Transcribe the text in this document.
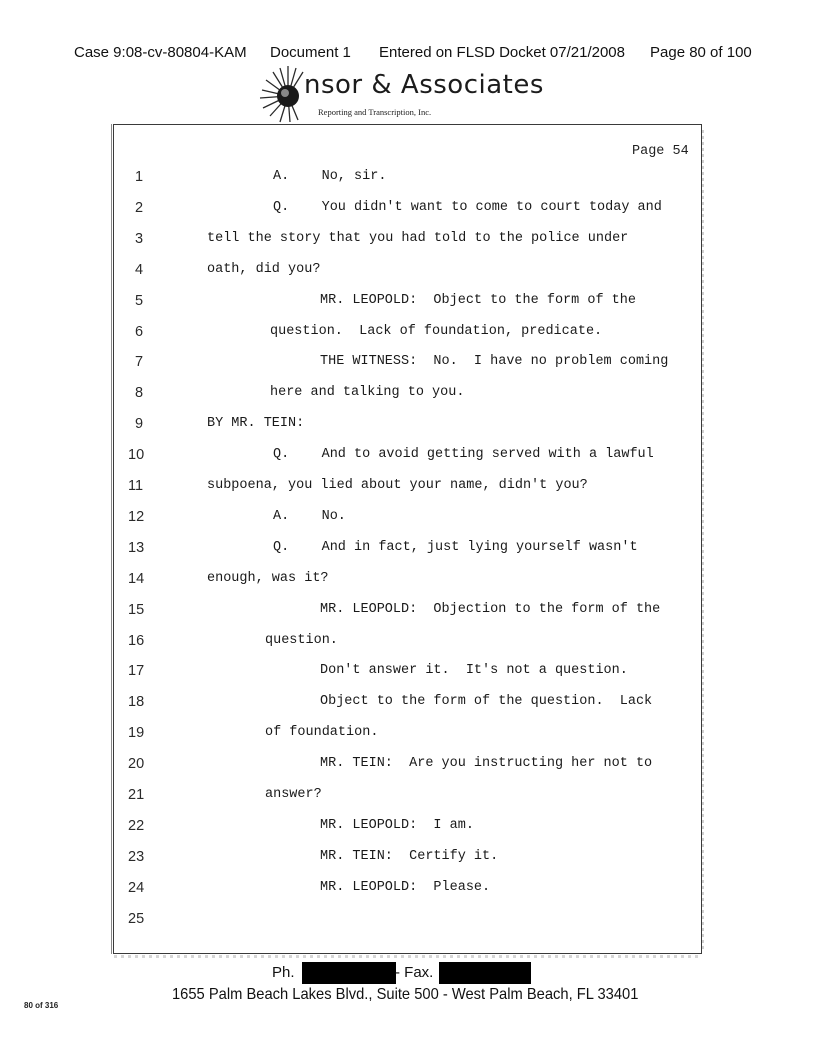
Case 9:08-cv-80804-KAM Document 1 Entered on FLSD Docket 07/21/2008 Page 80 of 100
nsor & Associates
Reporting and Transcription, Inc.
Page 54
1	A.    No, sir.
2	Q.    You didn't want to come to court today and
3	tell the story that you had told to the police under
4	oath, did you?
5	MR. LEOPOLD:  Object to the form of the
6	question.  Lack of foundation, predicate.
7	THE WITNESS:  No.  I have no problem coming
8	here and talking to you.
9	BY MR. TEIN:
10	Q.    And to avoid getting served with a lawful
11	subpoena, you lied about your name, didn't you?
12	A.    No.
13	Q.    And in fact, just lying yourself wasn't
14	enough, was it?
15	MR. LEOPOLD:  Objection to the form of the
16	question.
17	Don't answer it.  It's not a question.
18	Object to the form of the question.  Lack
19	of foundation.
20	MR. TEIN:  Are you instructing her not to
21	answer?
22	MR. LEOPOLD:  I am.
23	MR. TEIN:  Certify it.
24	MR. LEOPOLD:  Please.
25
Ph.	- Fax.
1655 Palm Beach Lakes Blvd., Suite 500 - West Palm Beach, FL 33401
80 of 316
